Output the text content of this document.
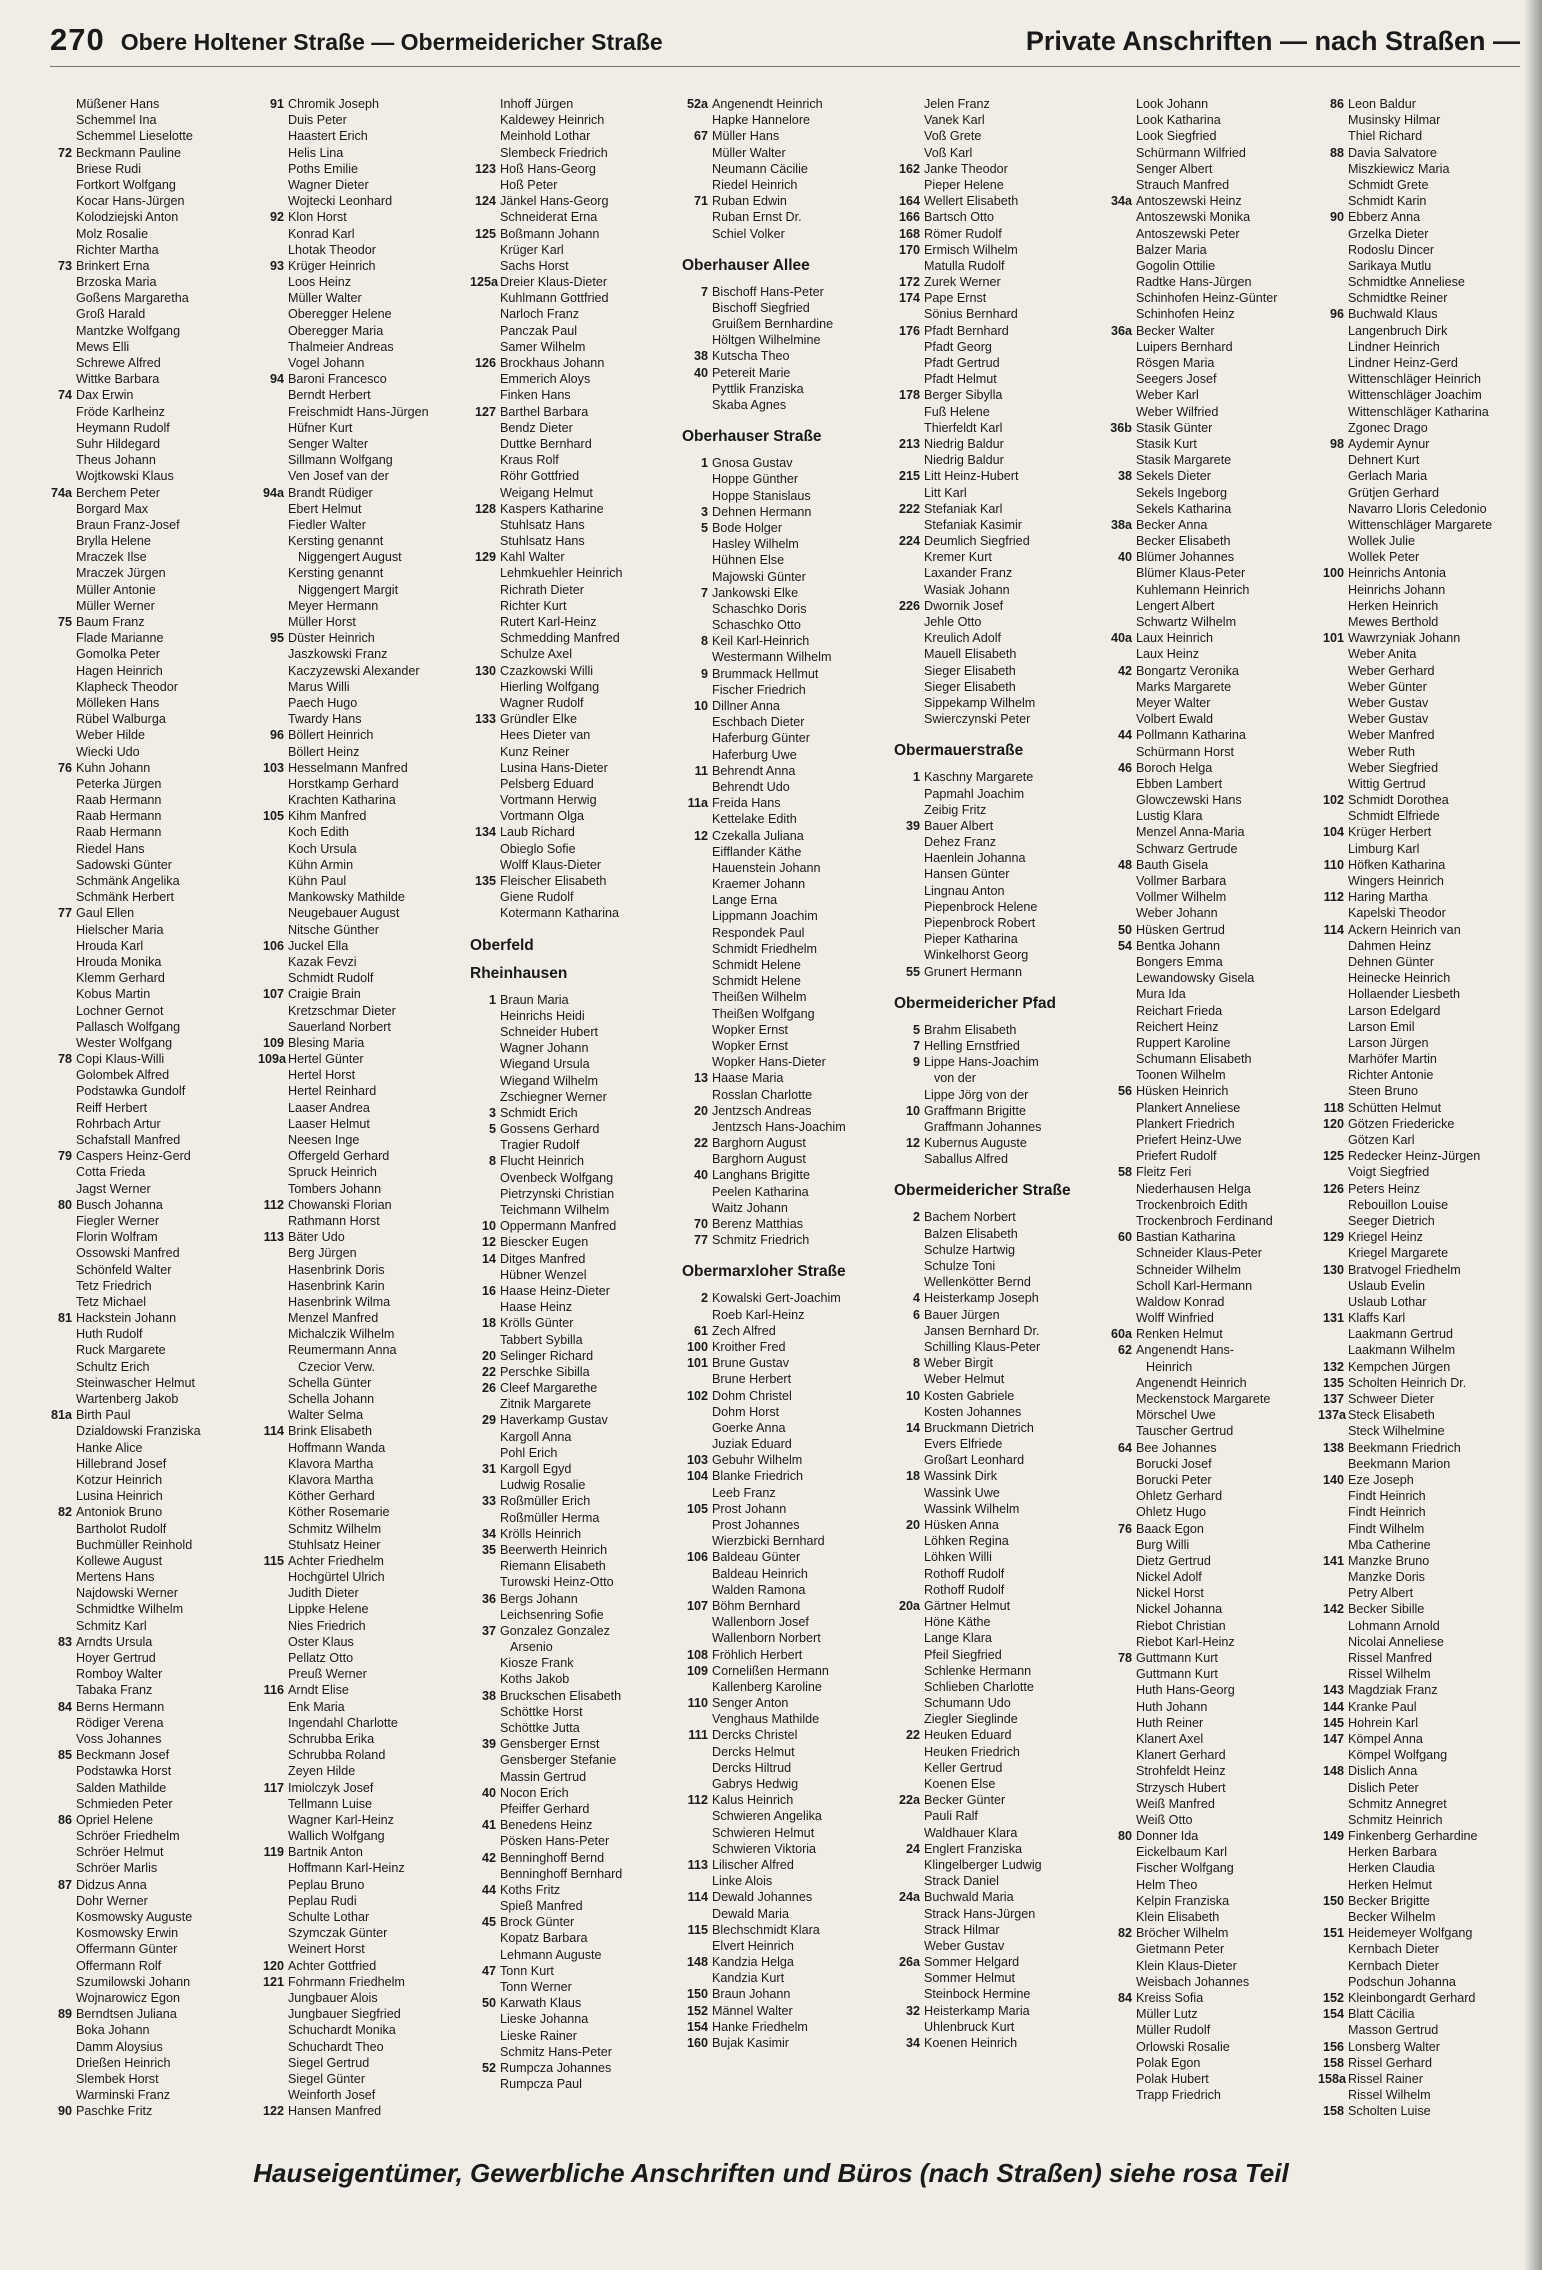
270 Obere Holtener Straße — Obermeidericher Straße	Private Anschriften — nach Straßen —
Müßener Hans
Schemmel Ina
Schemmel Lieselotte
72 Beckmann Pauline
Briese Rudi
Fortkort Wolfgang
Kocar Hans-Jürgen
Kolodziejski Anton
Molz Rosalie
Richter Martha
73 Brinkert Erna
Brzoska Maria
Goßens Margaretha
Groß Harald
Mantzke Wolfgang
Mews Elli
Schrewe Alfred
Wittke Barbara
74 Dax Erwin
Fröde Karlheinz
Heymann Rudolf
Suhr Hildegard
Theus Johann
Wojtkowski Klaus
74a Berchem Peter
Borgard Max
Braun Franz-Josef
Brylla Helene
Mraczek Ilse
Mraczek Jürgen
Müller Antonie
Müller Werner
75 Baum Franz
Flade Marianne
Gomolka Peter
Hagen Heinrich
Klapheck Theodor
Mölleken Hans
Rübel Walburga
Weber Hilde
Wiecki Udo
76 Kuhn Johann
Peterka Jürgen
Raab Hermann
Raab Hermann
Raab Hermann
Riedel Hans
Sadowski Günter
Schmänk Angelika
Schmänk Herbert
77 Gaul Ellen
Hielscher Maria
Hrouda Karl
Hrouda Monika
Klemm Gerhard
Kobus Martin
Lochner Gernot
Pallasch Wolfgang
Wester Wolfgang
78 Copi Klaus-Willi
Golombek Alfred
Podstawka Gundolf
Reiff Herbert
Rohrbach Artur
Schafstall Manfred
79 Caspers Heinz-Gerd
Cotta Frieda
Jagst Werner
80 Busch Johanna
Fiegler Werner
Florin Wolfram
Ossowski Manfred
Schönfeld Walter
Tetz Friedrich
Tetz Michael
81 Hackstein Johann
Huth Rudolf
Ruck Margarete
Schultz Erich
Steinwascher Helmut
Wartenberg Jakob
81a Birth Paul
Dzialdowski Franziska
Hanke Alice
Hillebrand Josef
Kotzur Heinrich
Lusina Heinrich
82 Antoniok Bruno
Bartholot Rudolf
Buchmüller Reinhold
Kollewe August
Mertens Hans
Najdowski Werner
Schmidtke Wilhelm
Schmitz Karl
83 Arndts Ursula
Hoyer Gertrud
Romboy Walter
Tabaka Franz
84 Berns Hermann
Rödiger Verena
Voss Johannes
85 Beckmann Josef
Podstawka Horst
Salden Mathilde
Schmieden Peter
86 Opriel Helene
Schröer Friedhelm
Schröer Helmut
Schröer Marlis
87 Didzus Anna
Dohr Werner
Kosmowsky Auguste
Kosmowsky Erwin
Offermann Günter
Offermann Rolf
Szumilowski Johann
Wojnarowicz Egon
89 Berndtsen Juliana
Boka Johann
Damm Aloysius
Drießen Heinrich
Slembek Horst
Warminski Franz
90 Paschke Fritz
91 Chromik Joseph
Duis Peter
Haastert Erich
Helis Lina
Poths Emilie
Wagner Dieter
Wojtecki Leonhard
92 Klon Horst
Konrad Karl
Lhotak Theodor
93 Krüger Heinrich
Loos Heinz
Müller Walter
Oberegger Helene
Oberegger Maria
Thalmeier Andreas
Vogel Johann
94 Baroni Francesco
Berndt Herbert
Freischmidt Hans-Jürgen
Hüfner Kurt
Senger Walter
Sillmann Wolfgang
Ven Josef van der
94a Brandt Rüdiger
Ebert Helmut
Fiedler Walter
Kersting genannt
Niggengert August
Kersting genannt
Niggengert Margit
Meyer Hermann
Müller Horst
95 Düster Heinrich
Jaszkowski Franz
Kaczyzewski Alexander
Marus Willi
Paech Hugo
Twardy Hans
96 Böllert Heinrich
Böllert Heinz
103 Hesselmann Manfred
Horstkamp Gerhard
Krachten Katharina
105 Kihm Manfred
Koch Edith
Koch Ursula
Kühn Armin
Kühn Paul
Mankowsky Mathilde
Neugebauer August
Nitsche Günther
106 Juckel Ella
Kazak Fevzi
Schmidt Rudolf
107 Craigie Brain
Kretzschmar Dieter
Sauerland Norbert
109 Blesing Maria
109a Hertel Günter
Hertel Horst
Hertel Reinhard
Laaser Andrea
Laaser Helmut
Neesen Inge
Offergeld Gerhard
Spruck Heinrich
Tombers Johann
112 Chowanski Florian
Rathmann Horst
113 Bäter Udo
Berg Jürgen
Hasenbrink Doris
Hasenbrink Karin
Hasenbrink Wilma
Menzel Manfred
Michalczik Wilhelm
Reumermann Anna
Czecior Verw.
Schella Günter
Schella Johann
Walter Selma
114 Brink Elisabeth
Hoffmann Wanda
Klavora Martha
Klavora Martha
Köther Gerhard
Köther Rosemarie
Schmitz Wilhelm
Stuhlsatz Heiner
115 Achter Friedhelm
Hochgürtel Ulrich
Judith Dieter
Lippke Helene
Nies Friedrich
Oster Klaus
Pellatz Otto
Preuß Werner
116 Arndt Elise
Enk Maria
Ingendahl Charlotte
Schrubba Erika
Schrubba Roland
Zeyen Hilde
117 Imiolczyk Josef
Tellmann Luise
Wagner Karl-Heinz
Wallich Wolfgang
119 Bartnik Anton
Hoffmann Karl-Heinz
Peplau Bruno
Peplau Rudi
Schulte Lothar
Szymczak Günter
Weinert Horst
120 Achter Gottfried
121 Fohrmann Friedhelm
Jungbauer Alois
Jungbauer Siegfried
Schuchardt Monika
Schuchardt Theo
Siegel Gertrud
Siegel Günter
Weinforth Josef
122 Hansen Manfred
Inhoff Jürgen
Kaldewey Heinrich
Meinhold Lothar
Slembeck Friedrich
123 Hoß Hans-Georg
Hoß Peter
124 Jänkel Hans-Georg
Schneiderat Erna
125 Boßmann Johann
Krüger Karl
Sachs Horst
125a Dreier Klaus-Dieter
Kuhlmann Gottfried
Narloch Franz
Panczak Paul
Samer Wilhelm
126 Brockhaus Johann
Emmerich Aloys
Finken Hans
127 Barthel Barbara
Bendz Dieter
Duttke Bernhard
Kraus Rolf
Röhr Gottfried
Weigang Helmut
128 Kaspers Katharine
Stuhlsatz Hans
Stuhlsatz Hans
129 Kahl Walter
Lehmkuehler Heinrich
Richrath Dieter
Richter Kurt
Rutert Karl-Heinz
Schmedding Manfred
Schulze Axel
130 Czazkowski Willi
Hierling Wolfgang
Wagner Rudolf
133 Gründler Elke
Hees Dieter van
Kunz Reiner
Lusina Hans-Dieter
Pelsberg Eduard
Vortmann Herwig
Vortmann Olga
134 Laub Richard
Obieglo Sofie
Wolff Klaus-Dieter
135 Fleischer Elisabeth
Giene Rudolf
Kotermann Katharina
Oberfeld
Rheinhausen
1 Braun Maria
Heinrichs Heidi
Schneider Hubert
Wagner Johann
Wiegand Ursula
Wiegand Wilhelm
Zschiegner Werner
3 Schmidt Erich
5 Gossens Gerhard
Tragier Rudolf
8 Flucht Heinrich
Ovenbeck Wolfgang
Pietrzynski Christian
Teichmann Wilhelm
10 Oppermann Manfred
12 Biescker Eugen
14 Ditges Manfred
Hübner Wenzel
16 Haase Heinz-Dieter
Haase Heinz
18 Krölls Günter
Tabbert Sybilla
20 Selinger Richard
22 Perschke Sibilla
26 Cleef Margarethe
Zitnik Margarete
29 Haverkamp Gustav
Kargoll Anna
Pohl Erich
31 Kargoll Egyd
Ludwig Rosalie
33 Roßmüller Erich
Roßmüller Herma
34 Krölls Heinrich
35 Beerwerth Heinrich
Riemann Elisabeth
Turowski Heinz-Otto
36 Bergs Johann
Leichsenring Sofie
37 Gonzalez Gonzalez
Arsenio
Kiosze Frank
Koths Jakob
38 Bruckschen Elisabeth
Schöttke Horst
Schöttke Jutta
39 Gensberger Ernst
Gensberger Stefanie
Massin Gertrud
40 Nocon Erich
Pfeiffer Gerhard
41 Benedens Heinz
Pösken Hans-Peter
42 Benninghoff Bernd
Benninghoff Bernhard
44 Koths Fritz
Spieß Manfred
45 Brock Günter
Kopatz Barbara
Lehmann Auguste
47 Tonn Kurt
Tonn Werner
50 Karwath Klaus
Lieske Johanna
Lieske Rainer
Schmitz Hans-Peter
52 Rumpcza Johannes
Rumpcza Paul
52a Angenendt Heinrich
Hapke Hannelore
67 Müller Hans
Müller Walter
Neumann Cäcilie
Riedel Heinrich
71 Ruban Edwin
Ruban Ernst Dr.
Schiel Volker
Oberhauser Allee
7 Bischoff Hans-Peter
Bischoff Siegfried
Gruißem Bernhardine
Höltgen Wilhelmine
38 Kutscha Theo
40 Petereit Marie
Pyttlik Franziska
Skaba Agnes
Oberhauser Straße
1 Gnosa Gustav
Hoppe Günther
Hoppe Stanislaus
3 Dehnen Hermann
5 Bode Holger
Hasley Wilhelm
Hühnen Else
Majowski Günter
7 Jankowski Elke
Schaschko Doris
Schaschko Otto
8 Keil Karl-Heinrich
Westermann Wilhelm
9 Brummack Hellmut
Fischer Friedrich
10 Dillner Anna
Eschbach Dieter
Haferburg Günter
Haferburg Uwe
11 Behrendt Anna
Behrendt Udo
11a Freida Hans
Kettelake Edith
12 Czekalla Juliana
Eifflander Käthe
Hauenstein Johann
Kraemer Johann
Lange Erna
Lippmann Joachim
Respondek Paul
Schmidt Friedhelm
Schmidt Helene
Schmidt Helene
Theißen Wilhelm
Theißen Wolfgang
Wopker Ernst
Wopker Ernst
Wopker Hans-Dieter
13 Haase Maria
Rosslan Charlotte
20 Jentzsch Andreas
Jentzsch Hans-Joachim
22 Barghorn August
Barghorn August
40 Langhans Brigitte
Peelen Katharina
Waitz Johann
70 Berenz Matthias
77 Schmitz Friedrich
Obermarxloher Straße
2 Kowalski Gert-Joachim
Roeb Karl-Heinz
61 Zech Alfred
100 Kroither Fred
101 Brune Gustav
Brune Herbert
102 Dohm Christel
Dohm Horst
Goerke Anna
Juziak Eduard
103 Gebuhr Wilhelm
104 Blanke Friedrich
Leeb Franz
105 Prost Johann
Prost Johannes
Wierzbicki Bernhard
106 Baldeau Günter
Baldeau Heinrich
Walden Ramona
107 Böhm Bernhard
Wallenborn Josef
Wallenborn Norbert
108 Fröhlich Herbert
109 Cornelißen Hermann
Kallenberg Karoline
110 Senger Anton
Venghaus Mathilde
111 Dercks Christel
Dercks Helmut
Dercks Hiltrud
Gabrys Hedwig
112 Kalus Heinrich
Schwieren Angelika
Schwieren Helmut
Schwieren Viktoria
113 Lilischer Alfred
Linke Alois
114 Dewald Johannes
Dewald Maria
115 Blechschmidt Klara
Elvert Heinrich
148 Kandzia Helga
Kandzia Kurt
150 Braun Johann
152 Männel Walter
154 Hanke Friedhelm
160 Bujak Kasimir
Jelen Franz
Vanek Karl
Voß Grete
Voß Karl
162 Janke Theodor
Pieper Helene
164 Wellert Elisabeth
166 Bartsch Otto
168 Römer Rudolf
170 Ermisch Wilhelm
Matulla Rudolf
172 Zurek Werner
174 Pape Ernst
Sönius Bernhard
176 Pfadt Bernhard
Pfadt Georg
Pfadt Gertrud
Pfadt Helmut
178 Berger Sibylla
Fuß Helene
Thierfeldt Karl
213 Niedrig Baldur
Niedrig Baldur
215 Litt Heinz-Hubert
Litt Karl
222 Stefaniak Karl
Stefaniak Kasimir
224 Deumlich Siegfried
Kremer Kurt
Laxander Franz
Wasiak Johann
226 Dwornik Josef
Jehle Otto
Kreulich Adolf
Mauell Elisabeth
Sieger Elisabeth
Sieger Elisabeth
Sippekamp Wilhelm
Swierczynski Peter
Obermauerstraße
1 Kaschny Margarete
Papmahl Joachim
Zeibig Fritz
39 Bauer Albert
Dehez Franz
Haenlein Johanna
Hansen Günter
Lingnau Anton
Piepenbrock Helene
Piepenbrock Robert
Pieper Katharina
Winkelhorst Georg
55 Grunert Hermann
Obermeidericher Pfad
5 Brahm Elisabeth
7 Helling Ernstfried
9 Lippe Hans-Joachim
von der
Lippe Jörg von der
10 Graffmann Brigitte
Graffmann Johannes
12 Kubernus Auguste
Saballus Alfred
Obermeidericher Straße
2 Bachem Norbert
Balzen Elisabeth
Schulze Hartwig
Schulze Toni
Wellenkötter Bernd
4 Heisterkamp Joseph
6 Bauer Jürgen
Jansen Bernhard Dr.
Schilling Klaus-Peter
8 Weber Birgit
Weber Helmut
10 Kosten Gabriele
Kosten Johannes
14 Bruckmann Dietrich
Evers Elfriede
Großart Leonhard
18 Wassink Dirk
Wassink Uwe
Wassink Wilhelm
20 Hüsken Anna
Löhken Regina
Löhken Willi
Rothoff Rudolf
Rothoff Rudolf
20a Gärtner Helmut
Höne Käthe
Lange Klara
Pfeil Siegfried
Schlenke Hermann
Schlieben Charlotte
Schumann Udo
Ziegler Sieglinde
22 Heuken Eduard
Heuken Friedrich
Keller Gertrud
Koenen Else
22a Becker Günter
Pauli Ralf
Waldhauer Klara
24 Englert Franziska
Klingelberger Ludwig
Strack Daniel
24a Buchwald Maria
Strack Hans-Jürgen
Strack Hilmar
Weber Gustav
26a Sommer Helgard
Sommer Helmut
Steinbock Hermine
32 Heisterkamp Maria
Uhlenbruck Kurt
34 Koenen Heinrich
Look Johann
Look Katharina
Look Siegfried
Schürmann Wilfried
Senger Albert
Strauch Manfred
34a Antoszewski Heinz
Antoszewski Monika
Antoszewski Peter
Balzer Maria
Gogolin Ottilie
Radtke Hans-Jürgen
Schinhofen Heinz-Günter
Schinhofen Heinz
36a Becker Walter
Luipers Bernhard
Rösgen Maria
Seegers Josef
Weber Karl
Weber Wilfried
36b Stasik Günter
Stasik Kurt
Stasik Margarete
38 Sekels Dieter
Sekels Ingeborg
Sekels Katharina
38a Becker Anna
Becker Elisabeth
40 Blümer Johannes
Blümer Klaus-Peter
Kuhlemann Heinrich
Lengert Albert
Schwartz Wilhelm
40a Laux Heinrich
Laux Heinz
42 Bongartz Veronika
Marks Margarete
Meyer Walter
Volbert Ewald
44 Pollmann Katharina
Schürmann Horst
46 Boroch Helga
Ebben Lambert
Glowczewski Hans
Lustig Klara
Menzel Anna-Maria
Schwarz Gertrude
48 Bauth Gisela
Vollmer Barbara
Vollmer Wilhelm
Weber Johann
50 Hüsken Gertrud
54 Bentka Johann
Bongers Emma
Lewandowsky Gisela
Mura Ida
Reichart Frieda
Reichert Heinz
Ruppert Karoline
Schumann Elisabeth
Toonen Wilhelm
56 Hüsken Heinrich
Plankert Anneliese
Plankert Friedrich
Priefert Heinz-Uwe
Priefert Rudolf
58 Fleitz Feri
Niederhausen Helga
Trockenbroich Edith
Trockenbroch Ferdinand
60 Bastian Katharina
Schneider Klaus-Peter
Schneider Wilhelm
Scholl Karl-Hermann
Waldow Konrad
Wolff Winfried
60a Renken Helmut
62 Angenendt Hans-
Heinrich
Angenendt Heinrich
Meckenstock Margarete
Mörschel Uwe
Tauscher Gertrud
64 Bee Johannes
Borucki Josef
Borucki Peter
Ohletz Gerhard
Ohletz Hugo
76 Baack Egon
Burg Willi
Dietz Gertrud
Nickel Adolf
Nickel Horst
Nickel Johanna
Riebot Christian
Riebot Karl-Heinz
78 Guttmann Kurt
Guttmann Kurt
Huth Hans-Georg
Huth Johann
Huth Reiner
Klanert Axel
Klanert Gerhard
Strohfeldt Heinz
Strzysch Hubert
Weiß Manfred
Weiß Otto
80 Donner Ida
Eickelbaum Karl
Fischer Wolfgang
Helm Theo
Kelpin Franziska
Klein Elisabeth
82 Bröcher Wilhelm
Gietmann Peter
Klein Klaus-Dieter
Weisbach Johannes
84 Kreiss Sofia
Müller Lutz
Müller Rudolf
Orlowski Rosalie
Polak Egon
Polak Hubert
Trapp Friedrich
86 Leon Baldur
Musinsky Hilmar
Thiel Richard
88 Davia Salvatore
Miszkiewicz Maria
Schmidt Grete
Schmidt Karin
90 Ebberz Anna
Grzelka Dieter
Rodoslu Dincer
Sarikaya Mutlu
Schmidtke Anneliese
Schmidtke Reiner
96 Buchwald Klaus
Langenbruch Dirk
Lindner Heinrich
Lindner Heinz-Gerd
Wittenschläger Heinrich
Wittenschläger Joachim
Wittenschläger Katharina
Zgonec Drago
98 Aydemir Aynur
Dehnert Kurt
Gerlach Maria
Grütjen Gerhard
Navarro Lloris Celedonio
Wittenschläger Margarete
Wollek Julie
Wollek Peter
100 Heinrichs Antonia
Heinrichs Johann
Herken Heinrich
Mewes Berthold
101 Wawrzyniak Johann
Weber Anita
Weber Gerhard
Weber Günter
Weber Gustav
Weber Gustav
Weber Manfred
Weber Ruth
Weber Siegfried
Wittig Gertrud
102 Schmidt Dorothea
Schmidt Elfriede
104 Krüger Herbert
Limburg Karl
110 Höfken Katharina
Wingers Heinrich
112 Haring Martha
Kapelski Theodor
114 Ackern Heinrich van
Dahmen Heinz
Dehnen Günter
Heinecke Heinrich
Hollaender Liesbeth
Larson Edelgard
Larson Emil
Larson Jürgen
Marhöfer Martin
Richter Antonie
Steen Bruno
118 Schütten Helmut
120 Götzen Friedericke
Götzen Karl
125 Redecker Heinz-Jürgen
Voigt Siegfried
126 Peters Heinz
Rebouillon Louise
Seeger Dietrich
129 Kriegel Heinz
Kriegel Margarete
130 Bratvogel Friedhelm
Uslaub Evelin
Uslaub Lothar
131 Klaffs Karl
Laakmann Gertrud
Laakmann Wilhelm
132 Kempchen Jürgen
135 Scholten Heinrich Dr.
137 Schweer Dieter
137a Steck Elisabeth
Steck Wilhelmine
138 Beekmann Friedrich
Beekmann Marion
140 Eze Joseph
Findt Heinrich
Findt Heinrich
Findt Wilhelm
Mba Catherine
141 Manzke Bruno
Manzke Doris
Petry Albert
142 Becker Sibille
Lohmann Arnold
Nicolai Anneliese
Rissel Manfred
Rissel Wilhelm
143 Magdziak Franz
144 Kranke Paul
145 Hohrein Karl
147 Kömpel Anna
Kömpel Wolfgang
148 Dislich Anna
Dislich Peter
Schmitz Annegret
Schmitz Heinrich
149 Finkenberg Gerhardine
Herken Barbara
Herken Claudia
Herken Helmut
150 Becker Brigitte
Becker Wilhelm
151 Heidemeyer Wolfgang
Kernbach Dieter
Kernbach Dieter
Podschun Johanna
152 Kleinbongardt Gerhard
154 Blatt Cäcilia
Masson Gertrud
156 Lonsberg Walter
158 Rissel Gerhard
158a Rissel Rainer
Rissel Wilhelm
158 Scholten Luise
Hauseigentümer, Gewerbliche Anschriften und Büros (nach Straßen) siehe rosa Teil
